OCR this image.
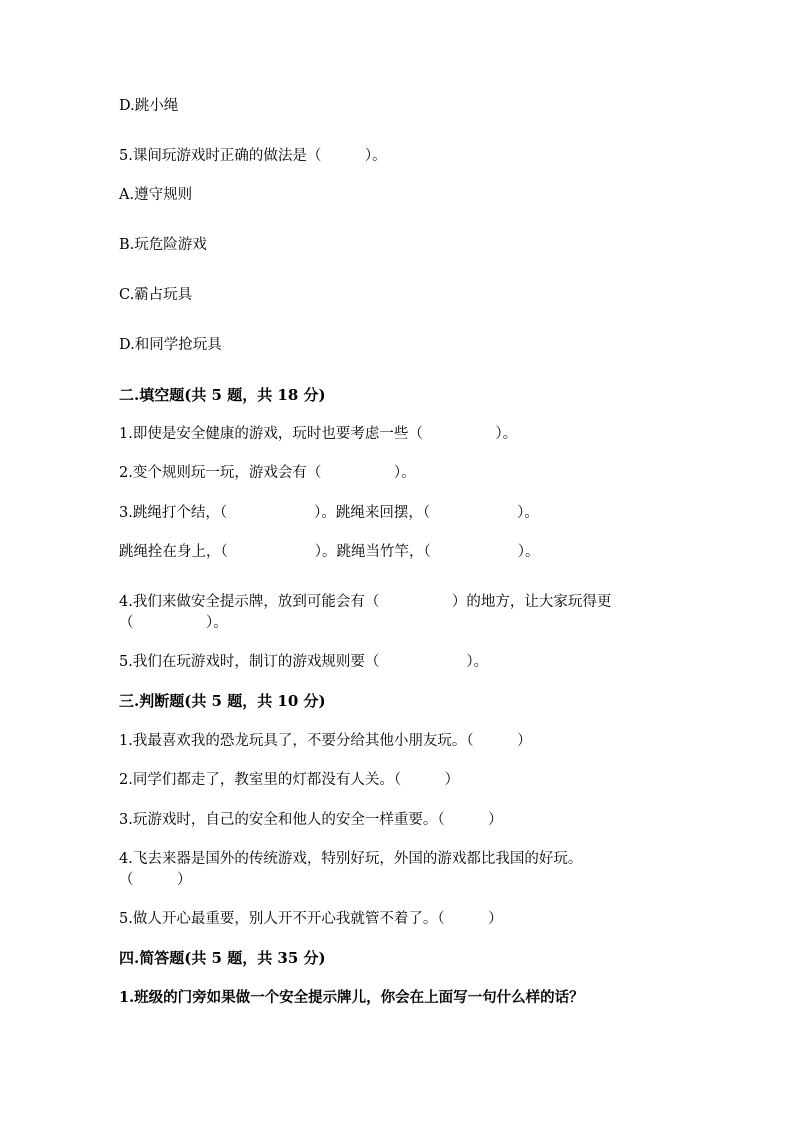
D.跳小绳
5.课间玩游戏时正确的做法是（　　　）。
A.遵守规则
B.玩危险游戏
C.霸占玩具
D.和同学抢玩具
二.填空题(共 5 题，共 18 分)
1.即使是安全健康的游戏，玩时也要考虑一些（　　　　　）。
2.变个规则玩一玩，游戏会有（　　　　　）。
3.跳绳打个结，（　　　　　　）。跳绳来回摆，（　　　　　　）。
跳绳拴在身上，（　　　　　　）。跳绳当竹竿，（　　　　　　）。
4.我们来做安全提示牌，放到可能会有（　　　　　）的地方，让大家玩得更
（　　　　　）。
5.我们在玩游戏时，制订的游戏规则要（　　　　　　）。
三.判断题(共 5 题，共 10 分)
1.我最喜欢我的恐龙玩具了，不要分给其他小朋友玩。（　　　）
2.同学们都走了，教室里的灯都没有人关。（　　　）
3.玩游戏时，自己的安全和他人的安全一样重要。（　　　）
4.飞去来器是国外的传统游戏，特别好玩，外国的游戏都比我国的好玩。
（　　　）
5.做人开心最重要，别人开不开心我就管不着了。（　　　）
四.简答题(共 5 题，共 35 分)
1.班级的门旁如果做一个安全提示牌儿，你会在上面写一句什么样的话？
